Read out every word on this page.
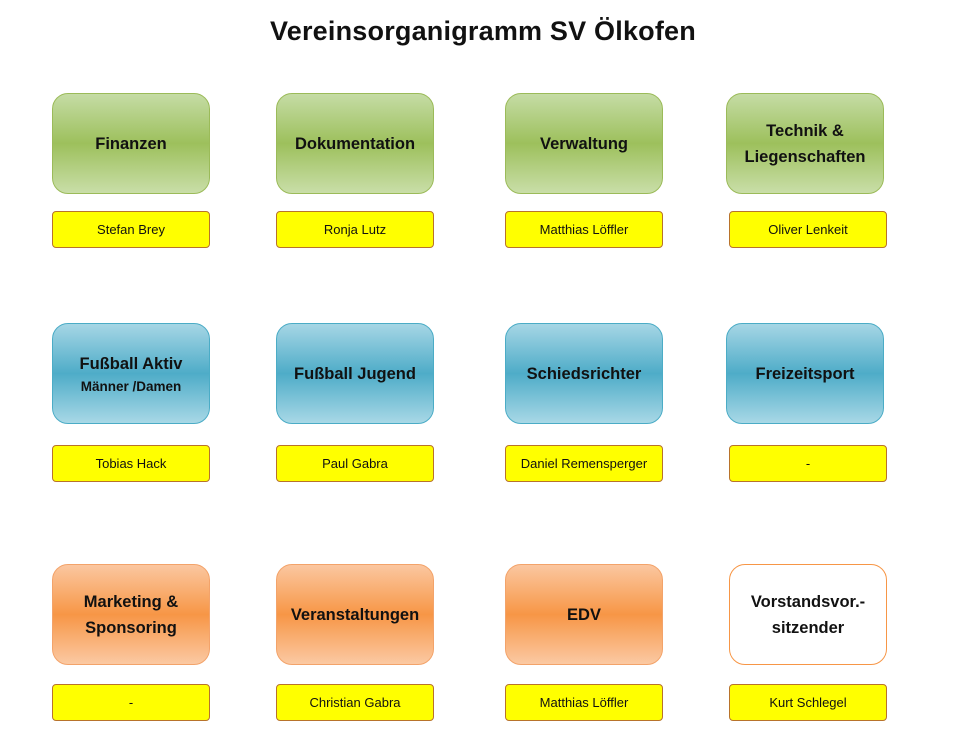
Vereinsorganigramm SV Ölkofen
Finanzen
Stefan Brey
Dokumentation
Ronja Lutz
Verwaltung
Matthias Löffler
Technik &
Liegenschaften
Oliver Lenkeit
Fußball Aktiv
Männer /Damen
Tobias Hack
Fußball Jugend
Paul Gabra
Schiedsrichter
Daniel Remensperger
Freizeitsport
-
Marketing &
Sponsoring
-
Veranstaltungen
Christian Gabra
EDV
Matthias Löffler
Vorstandsvor.-
sitzender
Kurt Schlegel
